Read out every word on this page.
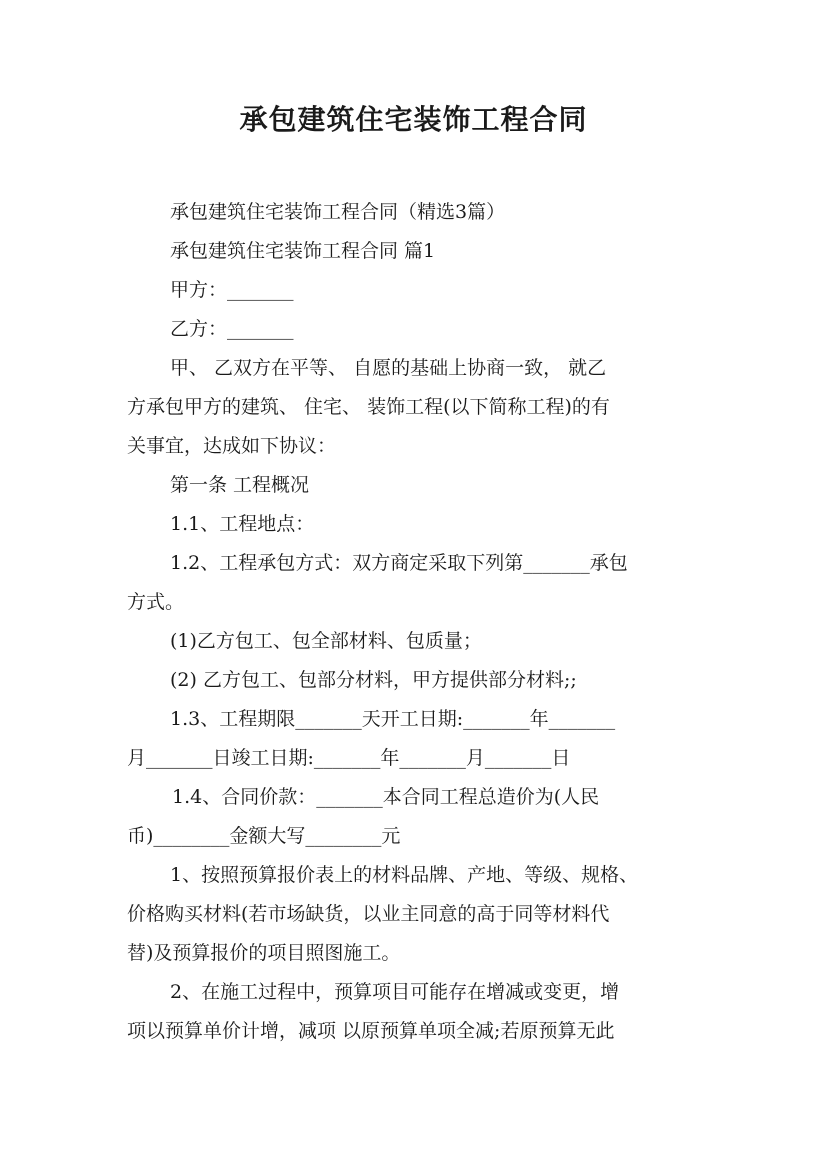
承包建筑住宅装饰工程合同
承包建筑住宅装饰工程合同（精选3篇）
承包建筑住宅装饰工程合同 篇1
甲方：_______
乙方：_______
甲、 乙双方在平等、 自愿的基础上协商一致， 就乙
方承包甲方的建筑、 住宅、 装饰工程(以下简称工程)的有
关事宜，达成如下协议：
第一条 工程概况
1.1、工程地点：
1.2、工程承包方式：双方商定采取下列第_______承包
方式。
(1)乙方包工、包全部材料、包质量；
(2) 乙方包工、包部分材料，甲方提供部分材料;;
1.3、工程期限_______天开工日期:_______年_______
月_______日竣工日期:_______年_______月_______日
1.4、合同价款：_______本合同工程总造价为(人民
币)________金额大写________元
1、按照预算报价表上的材料品牌、产地、等级、规格、
价格购买材料(若市场缺货，以业主同意的高于同等材料代
替)及预算报价的项目照图施工。
2、在施工过程中，预算项目可能存在增减或变更，增
项以预算单价计增，减项 以原预算单项全减;若原预算无此
